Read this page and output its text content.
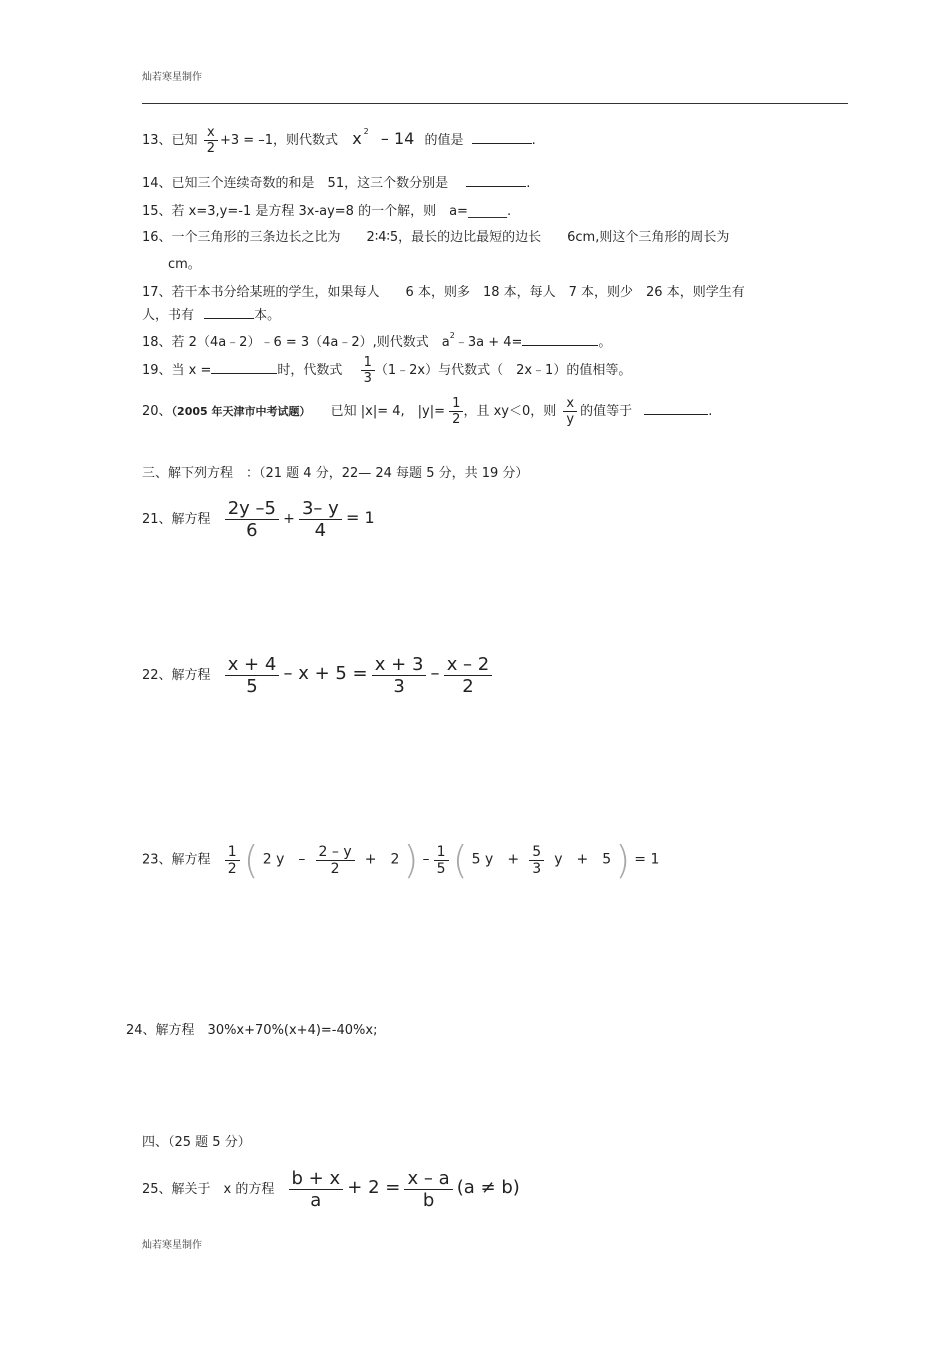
灿若寒星制作
13、已知 $\frac{x}{2} +3 = -1$，则代数式 x $^2$ – 14 的值是	.
14、已知三个连续奇数的和是　51，这三个数分别是	.
15、若 x=3,y=-1 是方程 3x-ay=8 的一个解，则　a=______.
16、一个三角形的三条边长之比为　　2∶4∶5，最长的边比最短的边长　　6cm,则这个三角形的周长为
cm。
17、若干本书分给某班的学生，如果每人　　6 本，则多　18 本，每人　7 本，则少　26 本，则学生有
人，书有	本。
18、若 2（4a﹣2）﹣6 = 3（4a﹣2）,则代数式　$a^2﹣3a + 4=$	。
19、当 x =	时，代数式 $\frac{1}{3}$ （1﹣2x）与代数式（　2x﹣1）的值相等。
20、（2005 年天津市中考试题） 已知 |x|= 4,　$|y|= \frac{1}{2}$ ，且 xy＜0，则 $\frac{x}{y}$ 的值等于	.
三、解下列方程　：（21 题 4 分，22— 24 每题 5 分，共 19 分）
21、解方程 $\frac{2y -5}{6} + \frac{3- y}{4} = 1$
22、解方程 $\frac{x + 4}{5} - x + 5 = \frac{x + 3}{3} - \frac{x - 2}{2}$
23、解方程 $\frac{1}{2}$ ( 2 y　– $\frac{2 - y}{2}$ +　2 ) – $\frac{1}{5}$ ( 5 y　+ $\frac{5}{3}$ y　+　5 ) = 1
24、解方程　30%x+70%(x+4)=-40%x;
四、（25 题 5 分）
25、解关于　x 的方程 $\frac{b + x}{a} + 2 = \frac{x - a}{b} (a \ne b)$
灿若寒星制作
